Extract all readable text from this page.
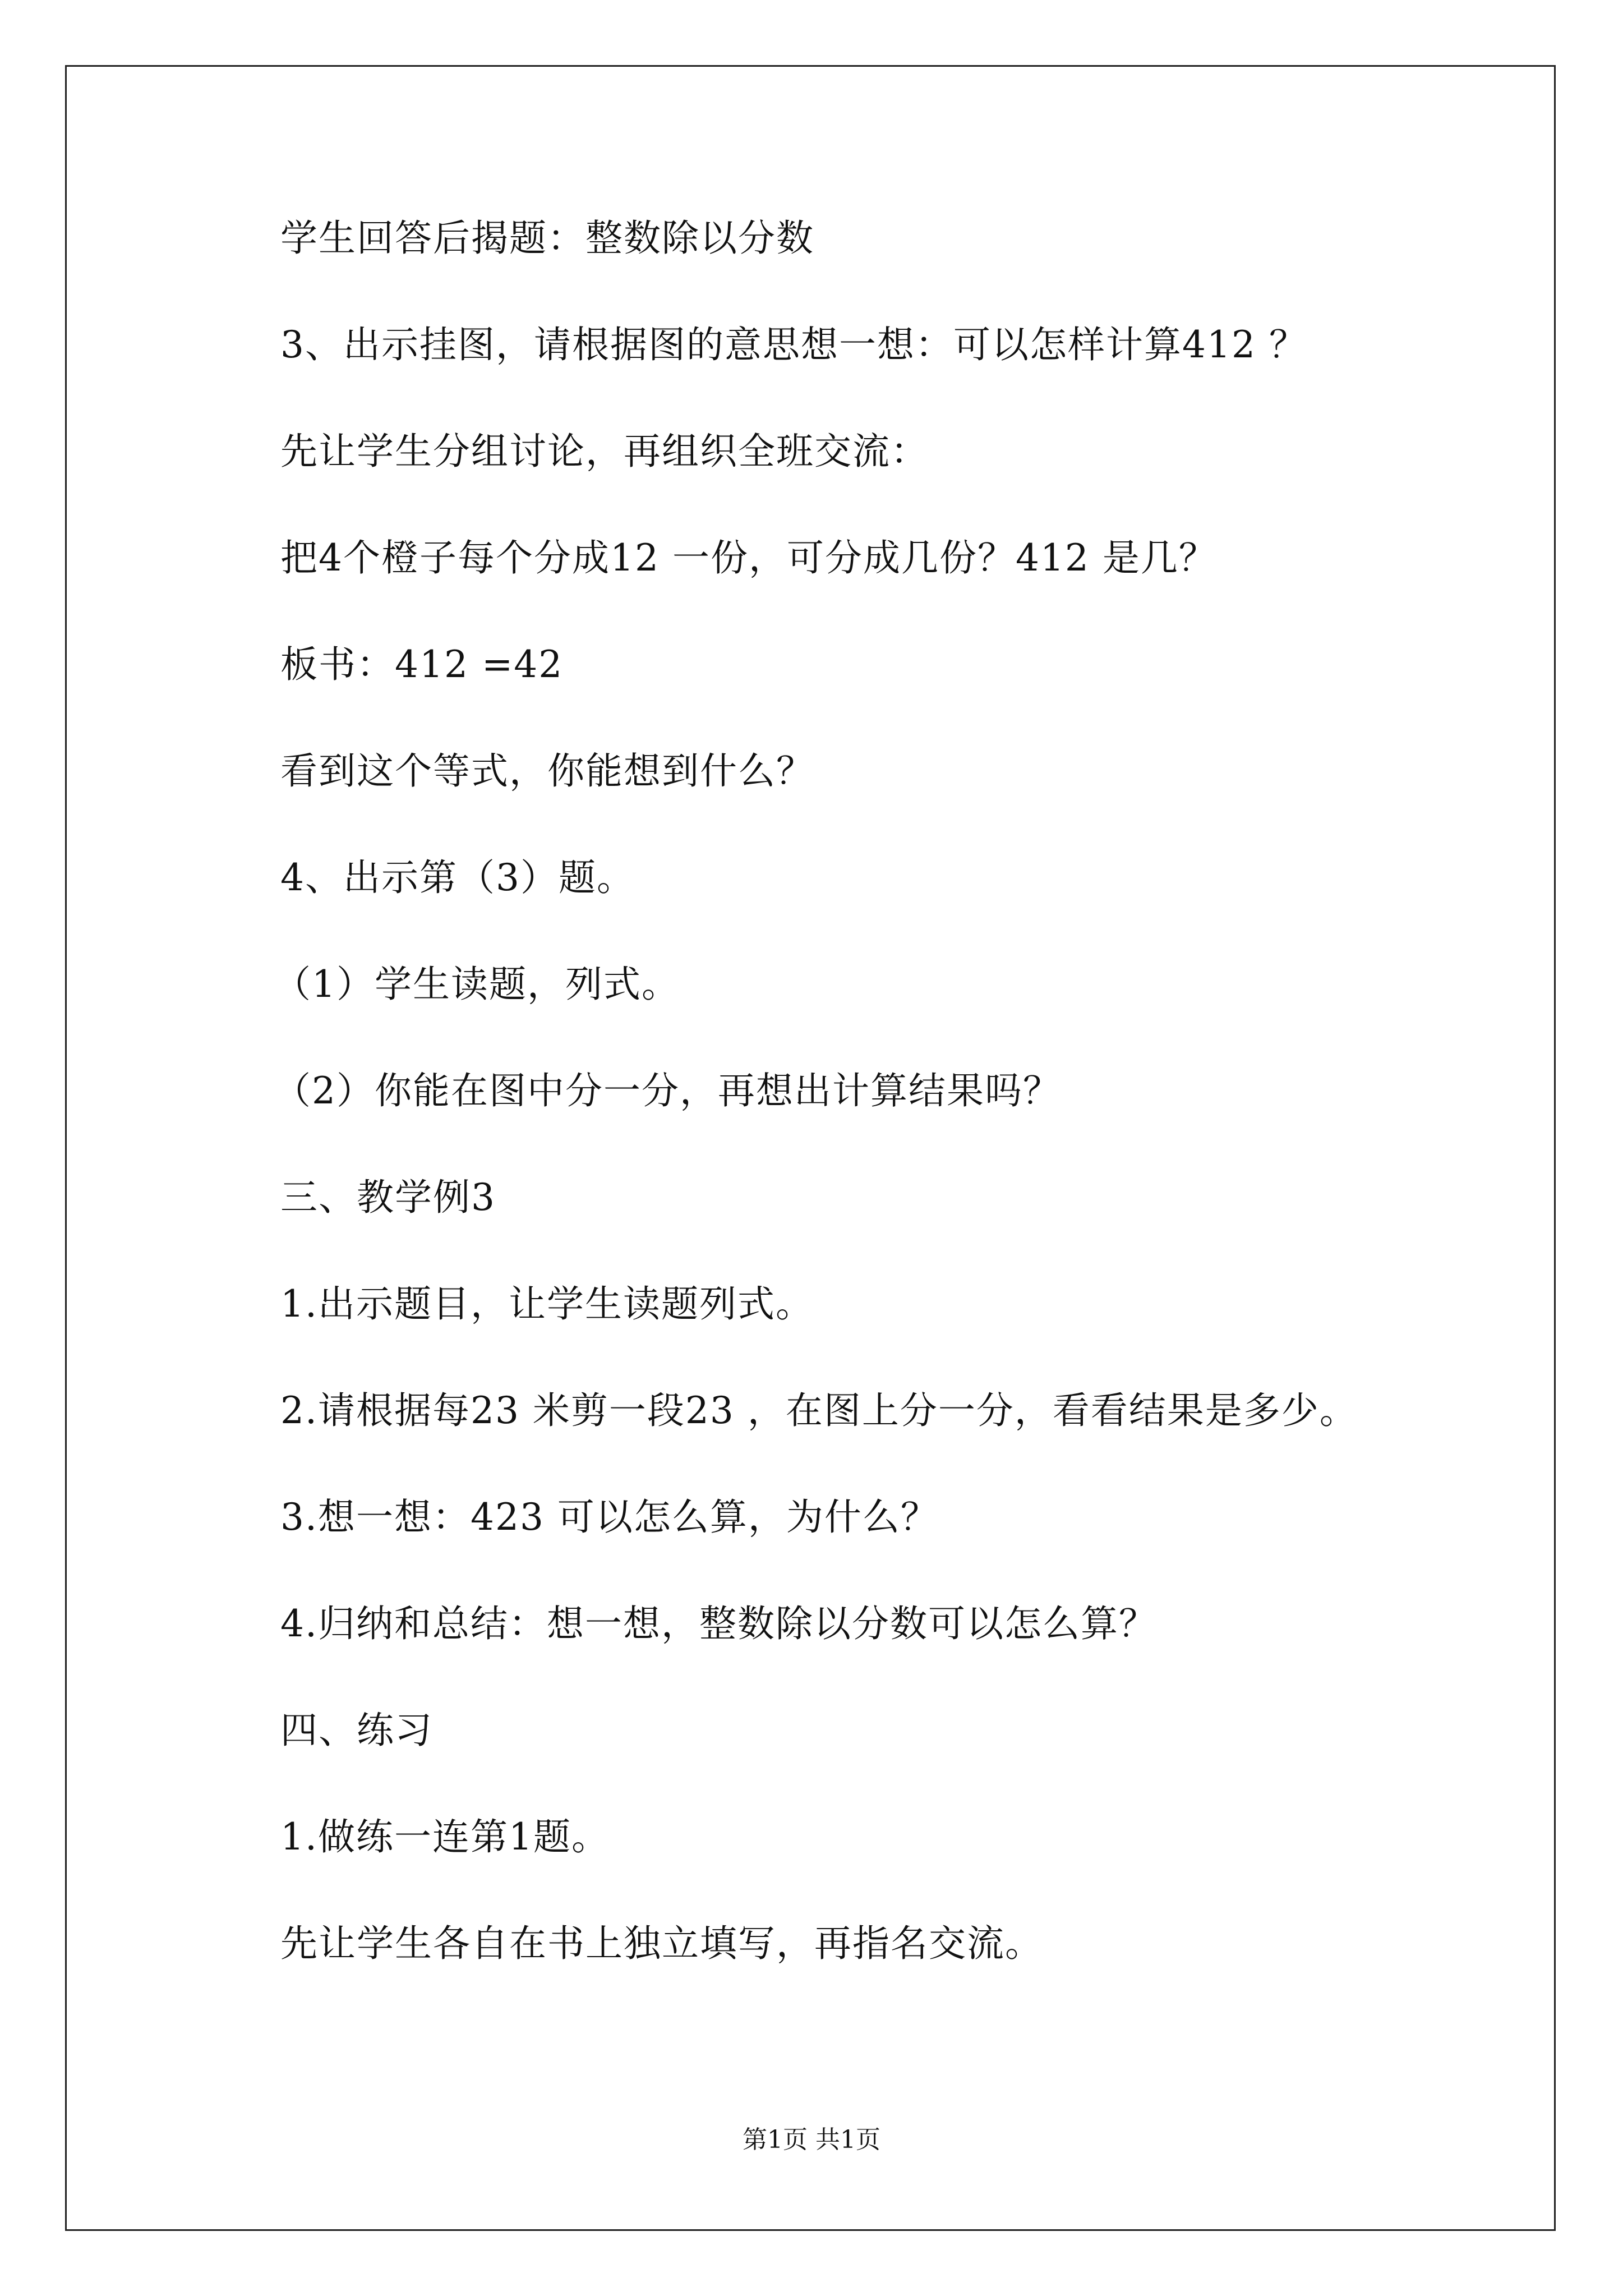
学生回答后揭题：整数除以分数
3、出示挂图，请根据图的意思想一想：可以怎样计算412 ？
先让学生分组讨论，再组织全班交流：
把4个橙子每个分成12 一份，可分成几份？412 是几？
板书：412 =42
看到这个等式，你能想到什么？
4、出示第（3）题。
（1）学生读题，列式。
（2）你能在图中分一分，再想出计算结果吗？
三、教学例3
1.出示题目，让学生读题列式。
2.请根据每23 米剪一段23 ，在图上分一分，看看结果是多少。
3.想一想：423 可以怎么算，为什么？
4.归纳和总结：想一想，整数除以分数可以怎么算？
四、练习
1.做练一连第1题。
先让学生各自在书上独立填写，再指名交流。
第1页 共1页
